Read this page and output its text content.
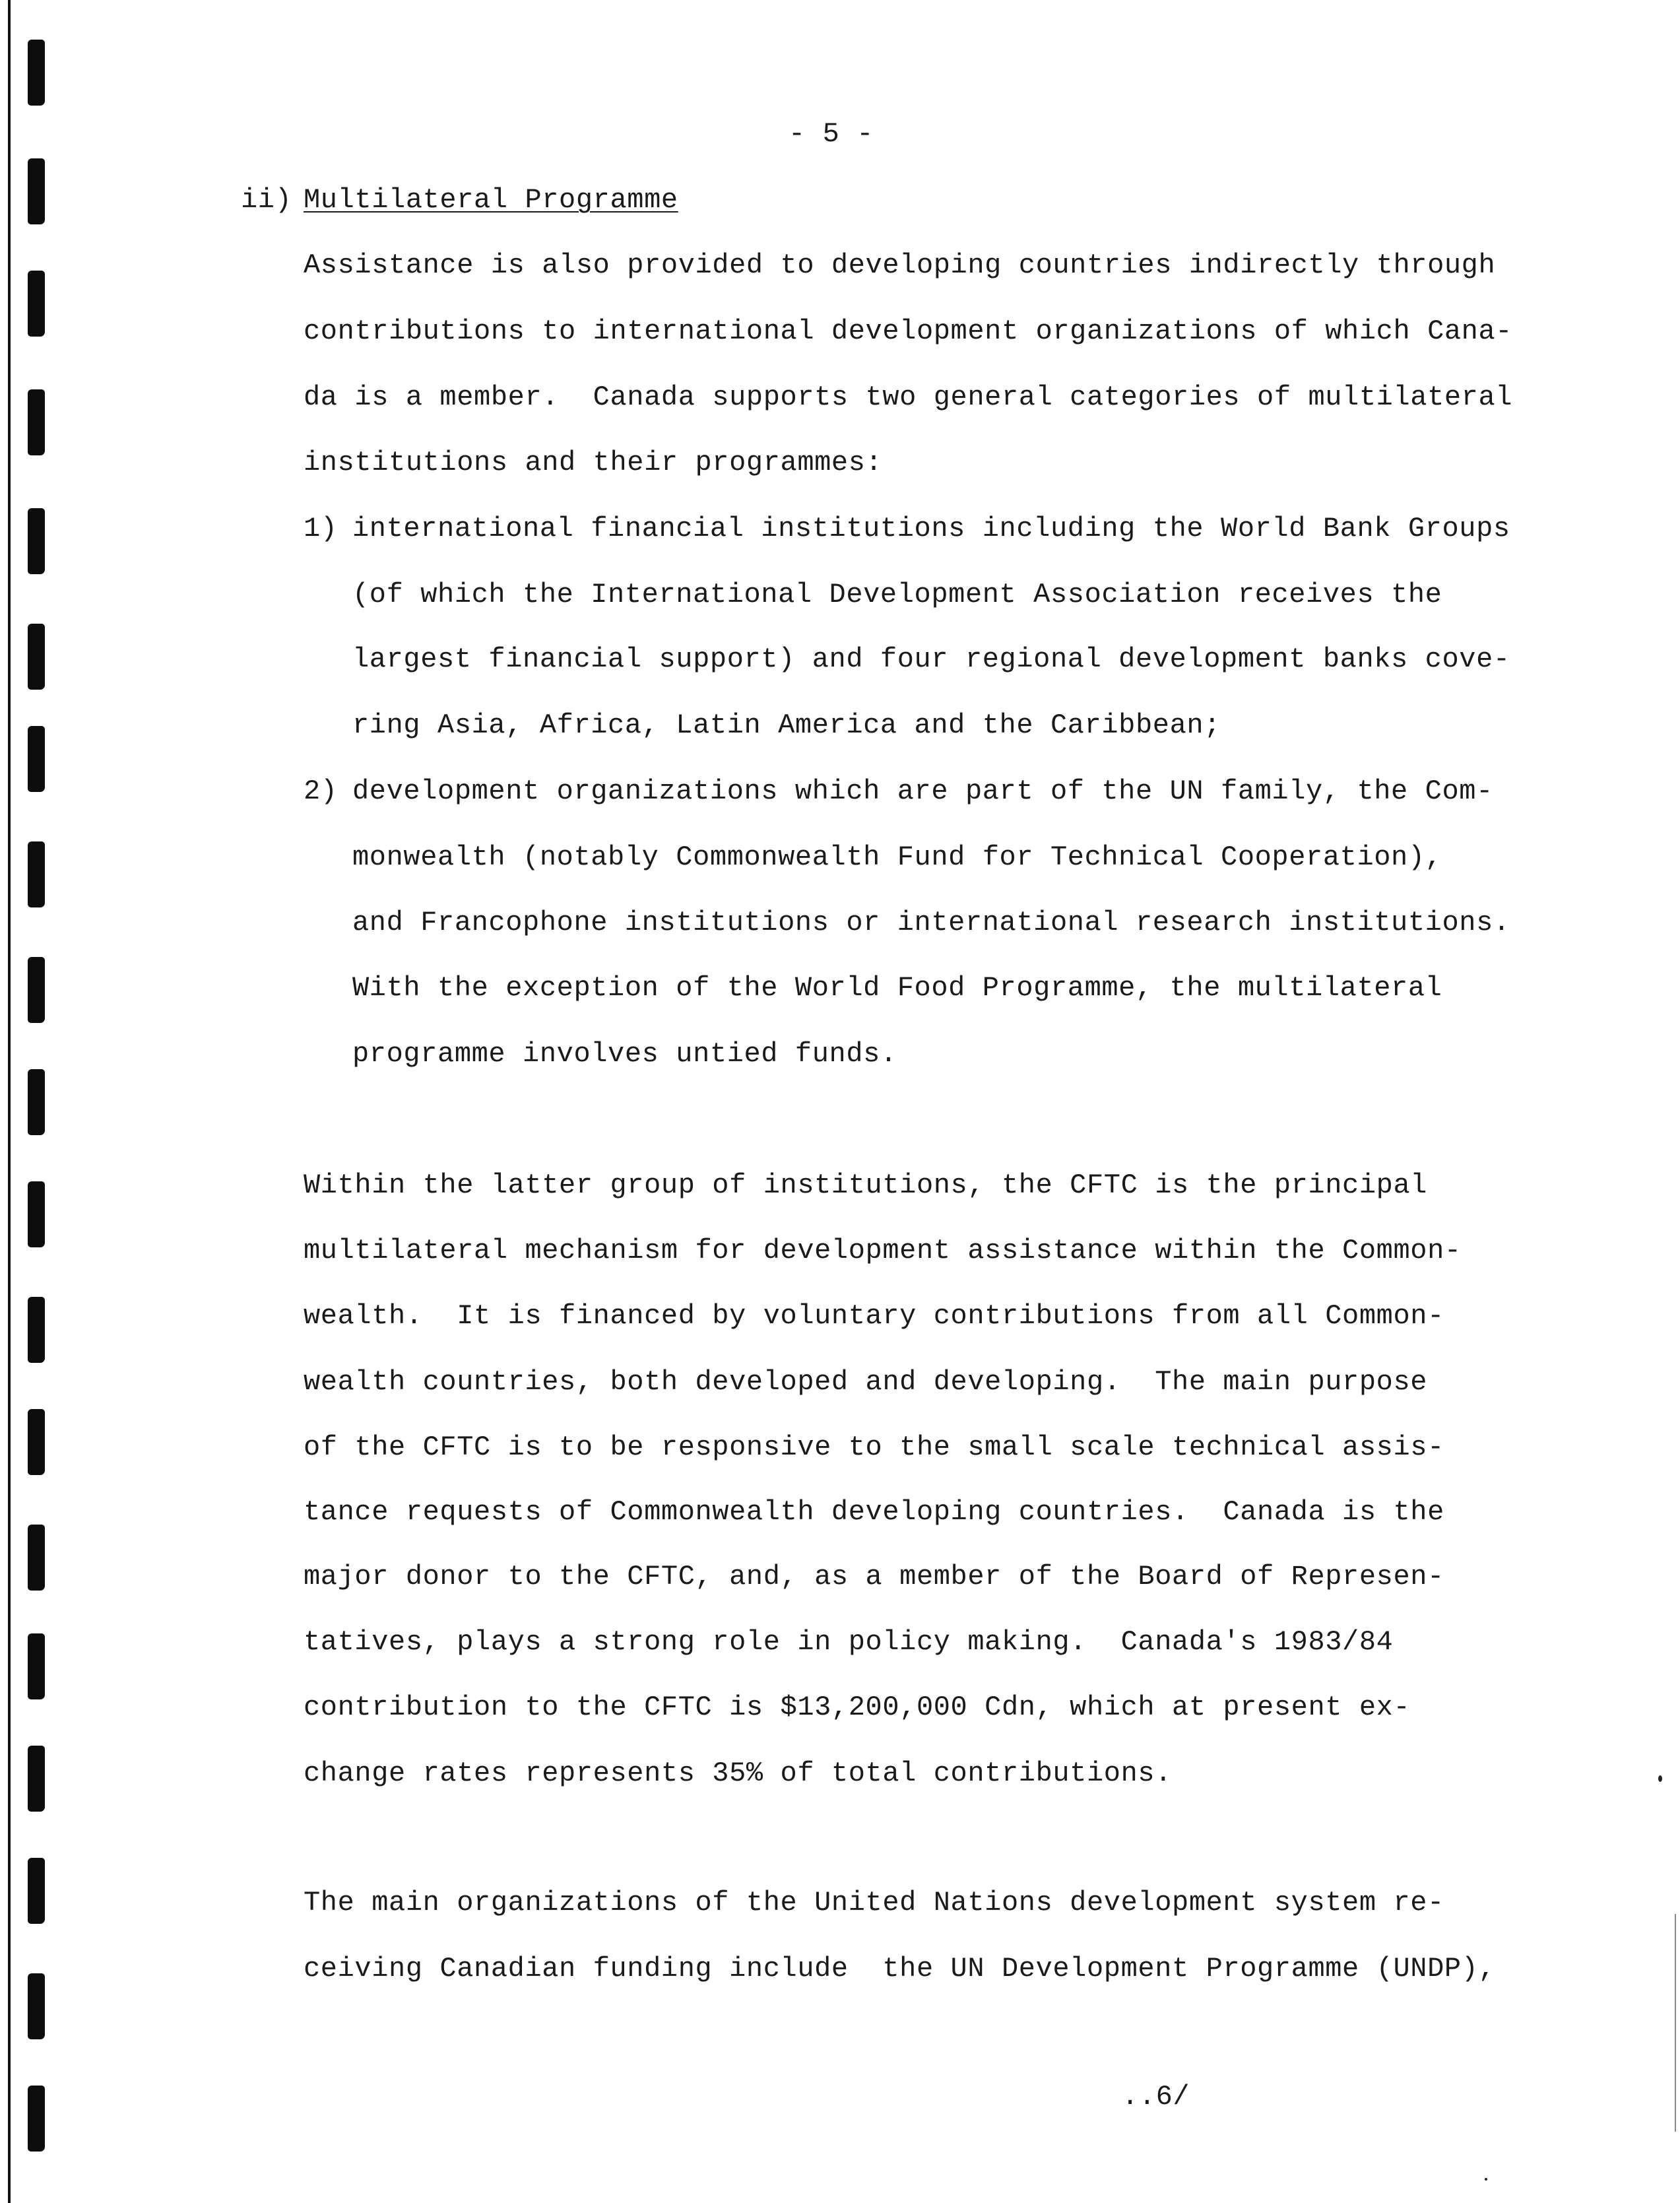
- 5 -

ii) Multilateral Programme

Assistance is also provided to developing countries indirectly through

contributions to international development organizations of which Cana-

da is a member.  Canada supports two general categories of multilateral

institutions and their programmes:

1) international financial institutions including the World Bank Groups

(of which the International Development Association receives the

largest financial support) and four regional development banks cove-

ring Asia, Africa, Latin America and the Caribbean;

2) development organizations which are part of the UN family, the Com-

monwealth (notably Commonwealth Fund for Technical Cooperation),

and Francophone institutions or international research institutions.

With the exception of the World Food Programme, the multilateral

programme involves untied funds.

Within the latter group of institutions, the CFTC is the principal

multilateral mechanism for development assistance within the Common-

wealth.  It is financed by voluntary contributions from all Common-

wealth countries, both developed and developing.  The main purpose

of the CFTC is to be responsive to the small scale technical assis-

tance requests of Commonwealth developing countries.  Canada is the

major donor to the CFTC, and, as a member of the Board of Represen-

tatives, plays a strong role in policy making.  Canada's 1983/84

contribution to the CFTC is $13,200,000 Cdn, which at present ex-

change rates represents 35% of total contributions.

The main organizations of the United Nations development system re-

ceiving Canadian funding include  the UN Development Programme (UNDP),

..6/
